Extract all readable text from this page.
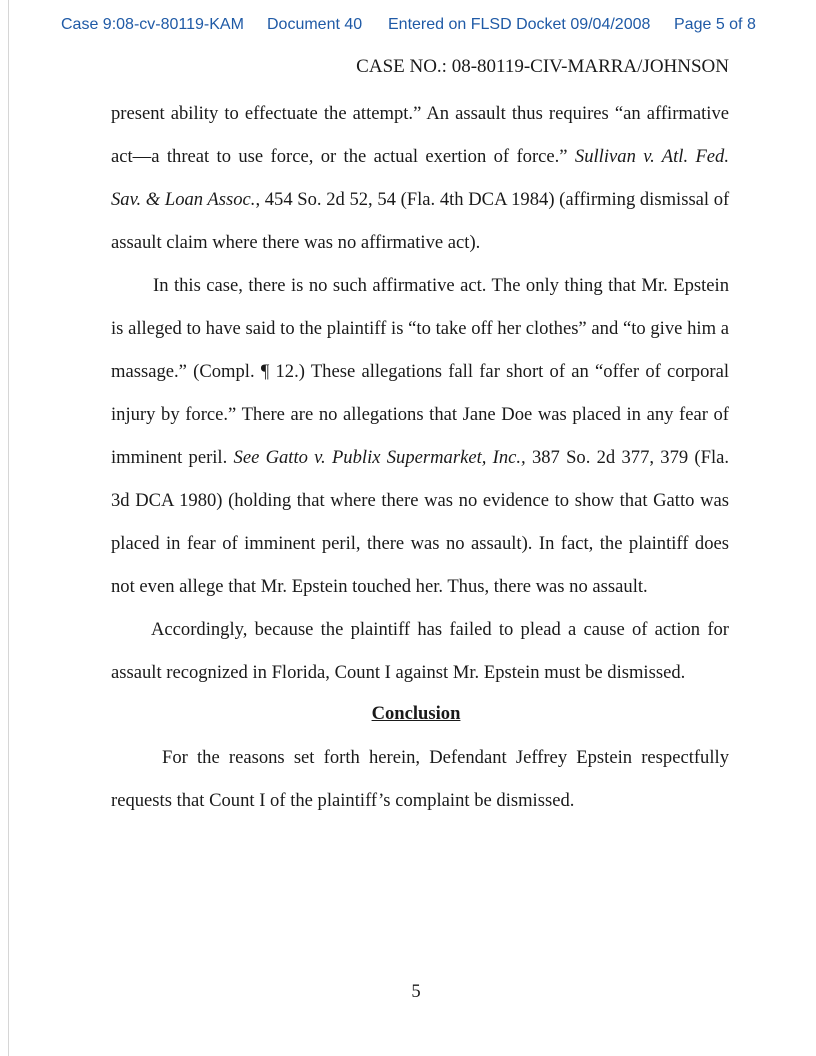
Case 9:08-cv-80119-KAM Document 40 Entered on FLSD Docket 09/04/2008 Page 5 of 8
CASE NO.: 08-80119-CIV-MARRA/JOHNSON
present ability to effectuate the attempt.” An assault thus requires “an affirmative
act—a threat to use force, or the actual exertion of force.” Sullivan v. Atl. Fed.
Sav. & Loan Assoc., 454 So. 2d 52, 54 (Fla. 4th DCA 1984) (affirming dismissal of
assault claim where there was no affirmative act).
In this case, there is no such affirmative act. The only thing that Mr. Epstein
is alleged to have said to the plaintiff is “to take off her clothes” and “to give him a
massage.” (Compl. ¶ 12.) These allegations fall far short of an “offer of corporal
injury by force.” There are no allegations that Jane Doe was placed in any fear of
imminent peril. See Gatto v. Publix Supermarket, Inc., 387 So. 2d 377, 379 (Fla.
3d DCA 1980) (holding that where there was no evidence to show that Gatto was
placed in fear of imminent peril, there was no assault). In fact, the plaintiff does
not even allege that Mr. Epstein touched her. Thus, there was no assault.
Accordingly, because the plaintiff has failed to plead a cause of action for
assault recognized in Florida, Count I against Mr. Epstein must be dismissed.
Conclusion
For the reasons set forth herein, Defendant Jeffrey Epstein respectfully
requests that Count I of the plaintiff’s complaint be dismissed.
5
